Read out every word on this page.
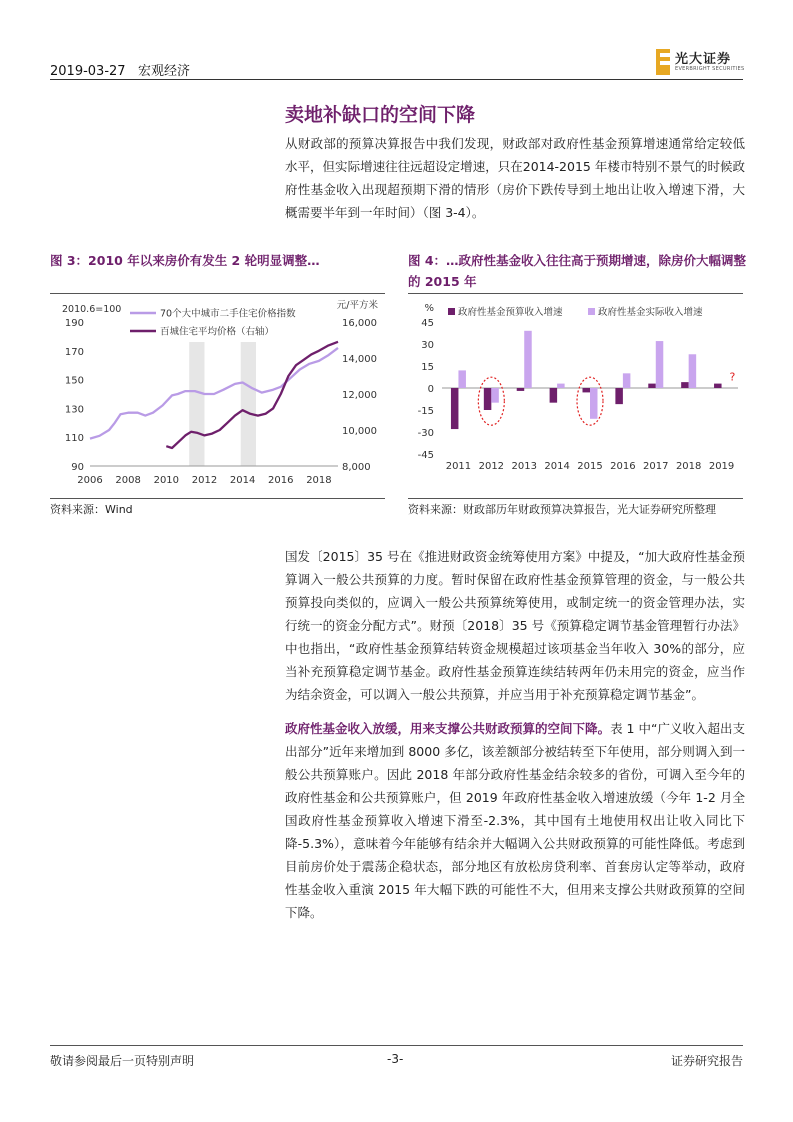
2019-03-27 宏观经济
光大证券
EVERBRIGHT SECURITIES
卖地补缺口的空间下降

从财政部的预算决算报告中我们发现，财政部对政府性基金预算增速通常给定较低水平，但实际增速往往远超设定增速，只在2014-2015 年楼市特别不景气的时候政府性基金收入出现超预期下滑的情形（房价下跌传导到土地出让收入增速下滑，大概需要半年到一年时间）（图 3-4）。

图 3：2010 年以来房价有发生 2 轮明显调整…	图 4：…政府性基金收入往往高于预期增速，除房价大幅调整的 2015 年

190
170
150
130
110
90
16,000
14,000
12,000
10,000
8,000
2006 2008 2010 2012 2014 2016 2018
2010.6=100	元/平方米
70个大中城市二手住宅价格指数
百城住宅平均价格（右轴）
45
30
15
0
-15
-30
-45
%
2011 2012 2013 2014 2015 2016 2017 2018 2019
?
政府性基金预算收入增速	政府性基金实际收入增速
资料来源：Wind	资料来源：财政部历年财政预算决算报告，光大证券研究所整理

国发〔2015〕35 号在《推进财政资金统筹使用方案》中提及，“加大政府性基金预算调入一般公共预算的力度。暂时保留在政府性基金预算管理的资金，与一般公共预算投向类似的，应调入一般公共预算统筹使用，或制定统一的资金管理办法，实行统一的资金分配方式”。财预〔2018〕35 号《预算稳定调节基金管理暂行办法》中也指出，“政府性基金预算结转资金规模超过该项基金当年收入 30%的部分，应当补充预算稳定调节基金。政府性基金预算连续结转两年仍未用完的资金，应当作为结余资金，可以调入一般公共预算，并应当用于补充预算稳定调节基金”。

政府性基金收入放缓，用来支撑公共财政预算的空间下降。表 1 中“广义收入超出支出部分”近年来增加到 8000 多亿，该差额部分被结转至下年使用，部分则调入到一般公共预算账户。因此 2018 年部分政府性基金结余较多的省份，可调入至今年的政府性基金和公共预算账户，但 2019 年政府性基金收入增速放缓（今年 1-2 月全国政府性基金预算收入增速下滑至-2.3%，其中国有土地使用权出让收入同比下降-5.3%），意味着今年能够有结余并大幅调入公共财政预算的可能性降低。考虑到目前房价处于震荡企稳状态，部分地区有放松房贷利率、首套房认定等举动，政府性基金收入重演 2015 年大幅下跌的可能性不大，但用来支撑公共财政预算的空间下降。

敬请参阅最后一页特别声明	-3-	证券研究报告
